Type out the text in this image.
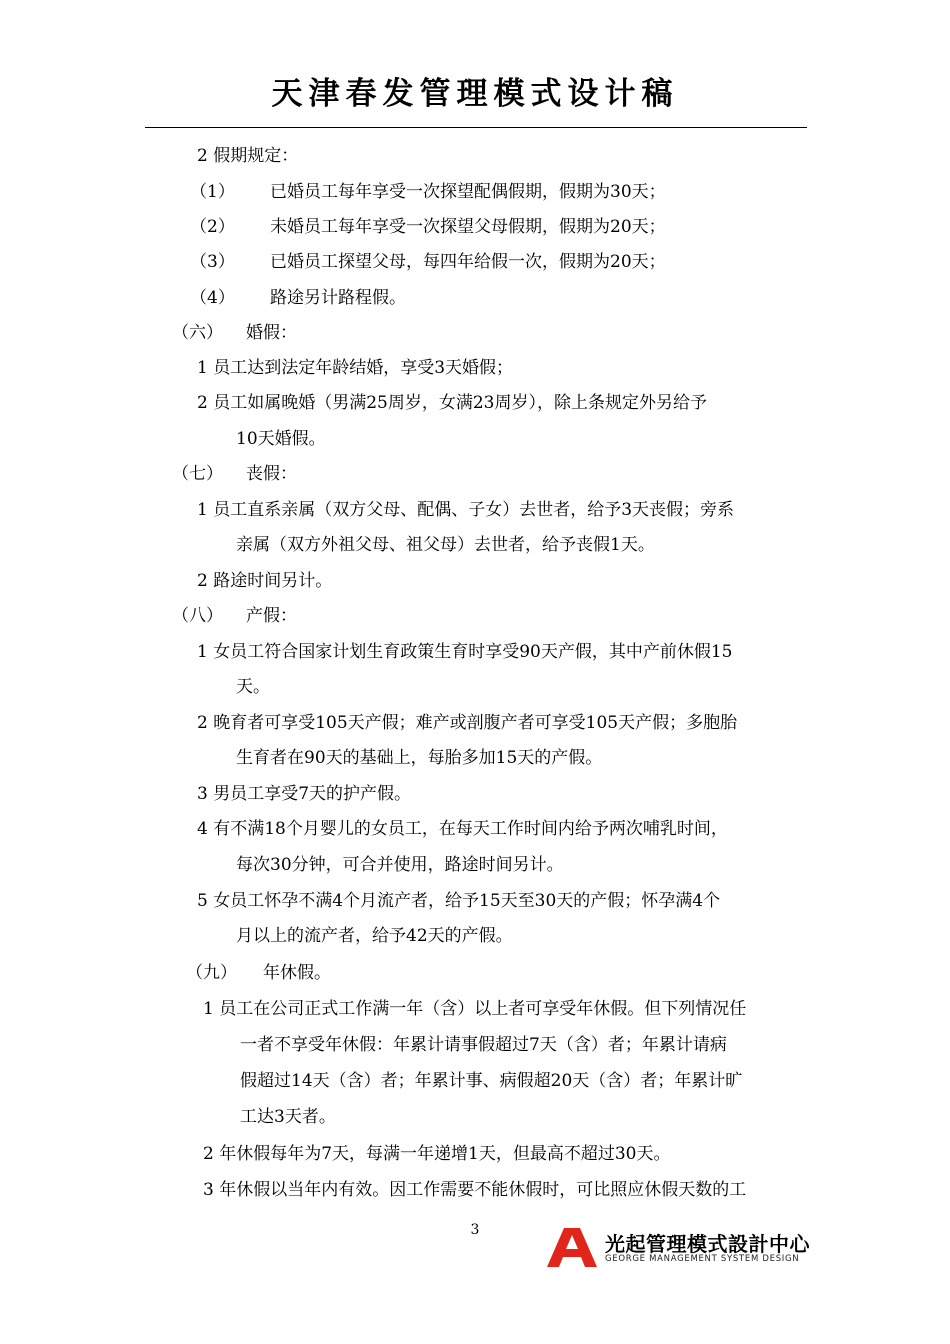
天津春发管理模式设计稿
2 假期规定：
（1） 已婚员工每年享受一次探望配偶假期，假期为30天；
（2） 未婚员工每年享受一次探望父母假期，假期为20天；
（3） 已婚员工探望父母，每四年给假一次，假期为20天；
（4） 路途另计路程假。
（六） 婚假：
1 员工达到法定年龄结婚，享受3天婚假；
2 员工如属晚婚（男满25周岁，女满23周岁），除上条规定外另给予
10天婚假。
（七） 丧假：
1 员工直系亲属（双方父母、配偶、子女）去世者，给予3天丧假；旁系
亲属（双方外祖父母、祖父母）去世者，给予丧假1天。
2 路途时间另计。
（八） 产假：
1 女员工符合国家计划生育政策生育时享受90天产假，其中产前休假15
天。
2 晚育者可享受105天产假；难产或剖腹产者可享受105天产假；多胞胎
生育者在90天的基础上，每胎多加15天的产假。
3 男员工享受7天的护产假。
4 有不满18个月婴儿的女员工，在每天工作时间内给予两次哺乳时间，
每次30分钟，可合并使用，路途时间另计。
5 女员工怀孕不满4个月流产者，给予15天至30天的产假；怀孕满4个
月以上的流产者，给予42天的产假。
（九） 年休假。
1 员工在公司正式工作满一年（含）以上者可享受年休假。但下列情况任
一者不享受年休假：年累计请事假超过7天（含）者；年累计请病
假超过14天（含）者；年累计事、病假超20天（含）者；年累计旷
工达3天者。
2 年休假每年为7天，每满一年递增1天，但最高不超过30天。
3 年休假以当年内有效。因工作需要不能休假时，可比照应休假天数的工
3
光起管理模式設計中心
GEORGE MANAGEMENT SYSTEM DESIGN
